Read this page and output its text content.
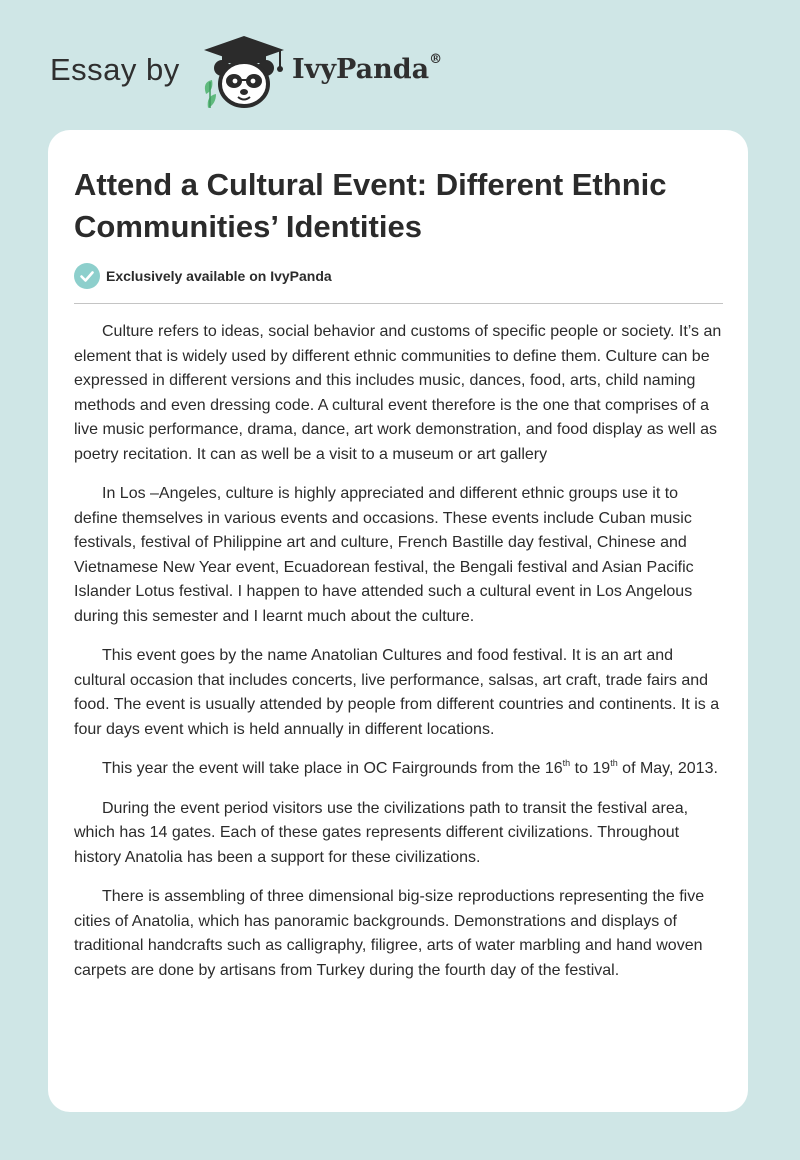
Essay by	IvyPanda®
Attend a Cultural Event: Different Ethnic Communities’ Identities
Exclusively available on IvyPanda

Culture refers to ideas, social behavior and customs of specific people or society. It’s an element that is widely used by different ethnic communities to define them. Culture can be expressed in different versions and this includes music, dances, food, arts, child naming methods and even dressing code. A cultural event therefore is the one that comprises of a live music performance, drama, dance, art work demonstration, and food display as well as poetry recitation. It can as well be a visit to a museum or art gallery

In Los –Angeles, culture is highly appreciated and different ethnic groups use it to define themselves in various events and occasions. These events include Cuban music festivals, festival of Philippine art and culture, French Bastille day festival, Chinese and Vietnamese New Year event, Ecuadorean festival, the Bengali festival and Asian Pacific Islander Lotus festival. I happen to have attended such a cultural event in Los Angelous during this semester and I learnt much about the culture.

This event goes by the name Anatolian Cultures and food festival. It is an art and cultural occasion that includes concerts, live performance, salsas, art craft, trade fairs and food. The event is usually attended by people from different countries and continents. It is a four days event which is held annually in different locations.

This year the event will take place in OC Fairgrounds from the 16th to 19th of May, 2013.

During the event period visitors use the civilizations path to transit the festival area, which has 14 gates. Each of these gates represents different civilizations. Throughout history Anatolia has been a support for these civilizations.

There is assembling of three dimensional big-size reproductions representing the five cities of Anatolia, which has panoramic backgrounds. Demonstrations and displays of traditional handcrafts such as calligraphy, filigree, arts of water marbling and hand woven carpets are done by artisans from Turkey during the fourth day of the festival.
